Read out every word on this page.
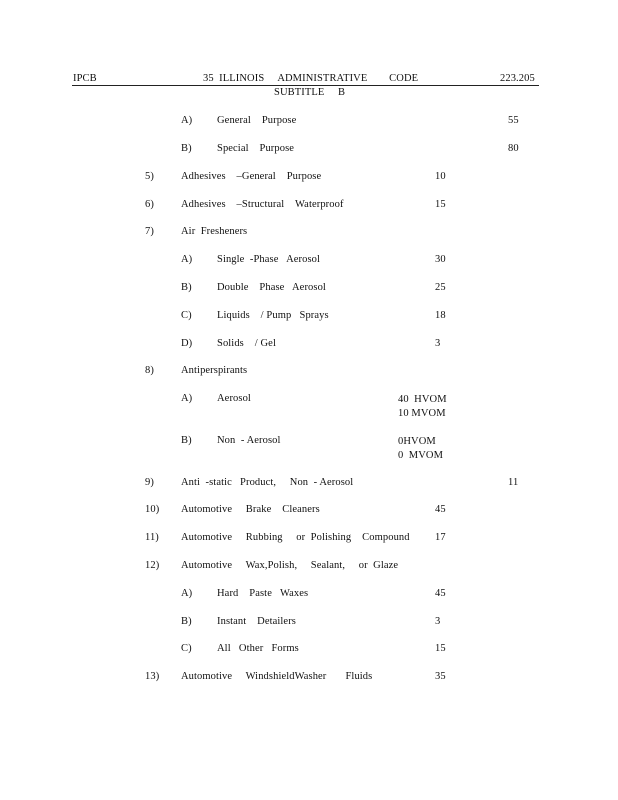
IPCB	35  ILLINOIS     ADMINISTRATIVE        CODE	223.205
SUBTITLE     B
A) General    Purpose	55
B) Special    Purpose	80
5)	Adhesives    –General    Purpose	10
6)	Adhesives    –Structural    Waterproof	15
7)	Air  Fresheners
A) Single  -Phase   Aerosol	30
B) Double    Phase   Aerosol	25
C) Liquids    / Pump   Sprays	18
D) Solids    / Gel	3
8)	Antiperspirants
A) Aerosol	40  HVOM
10 MVOM
B) Non  - Aerosol	0HVOM
0  MVOM
9)	Anti  -static   Product,     Non  - Aerosol	11
10) Automotive     Brake    Cleaners	45
11) Automotive     Rubbing     or  Polishing    Compound 17
12) Automotive     Wax,Polish,     Sealant,     or  Glaze
A) Hard    Paste   Waxes	45
B) Instant    Detailers	3
C) All   Other   Forms	15
13) Automotive     WindshieldWasher       Fluids	35
